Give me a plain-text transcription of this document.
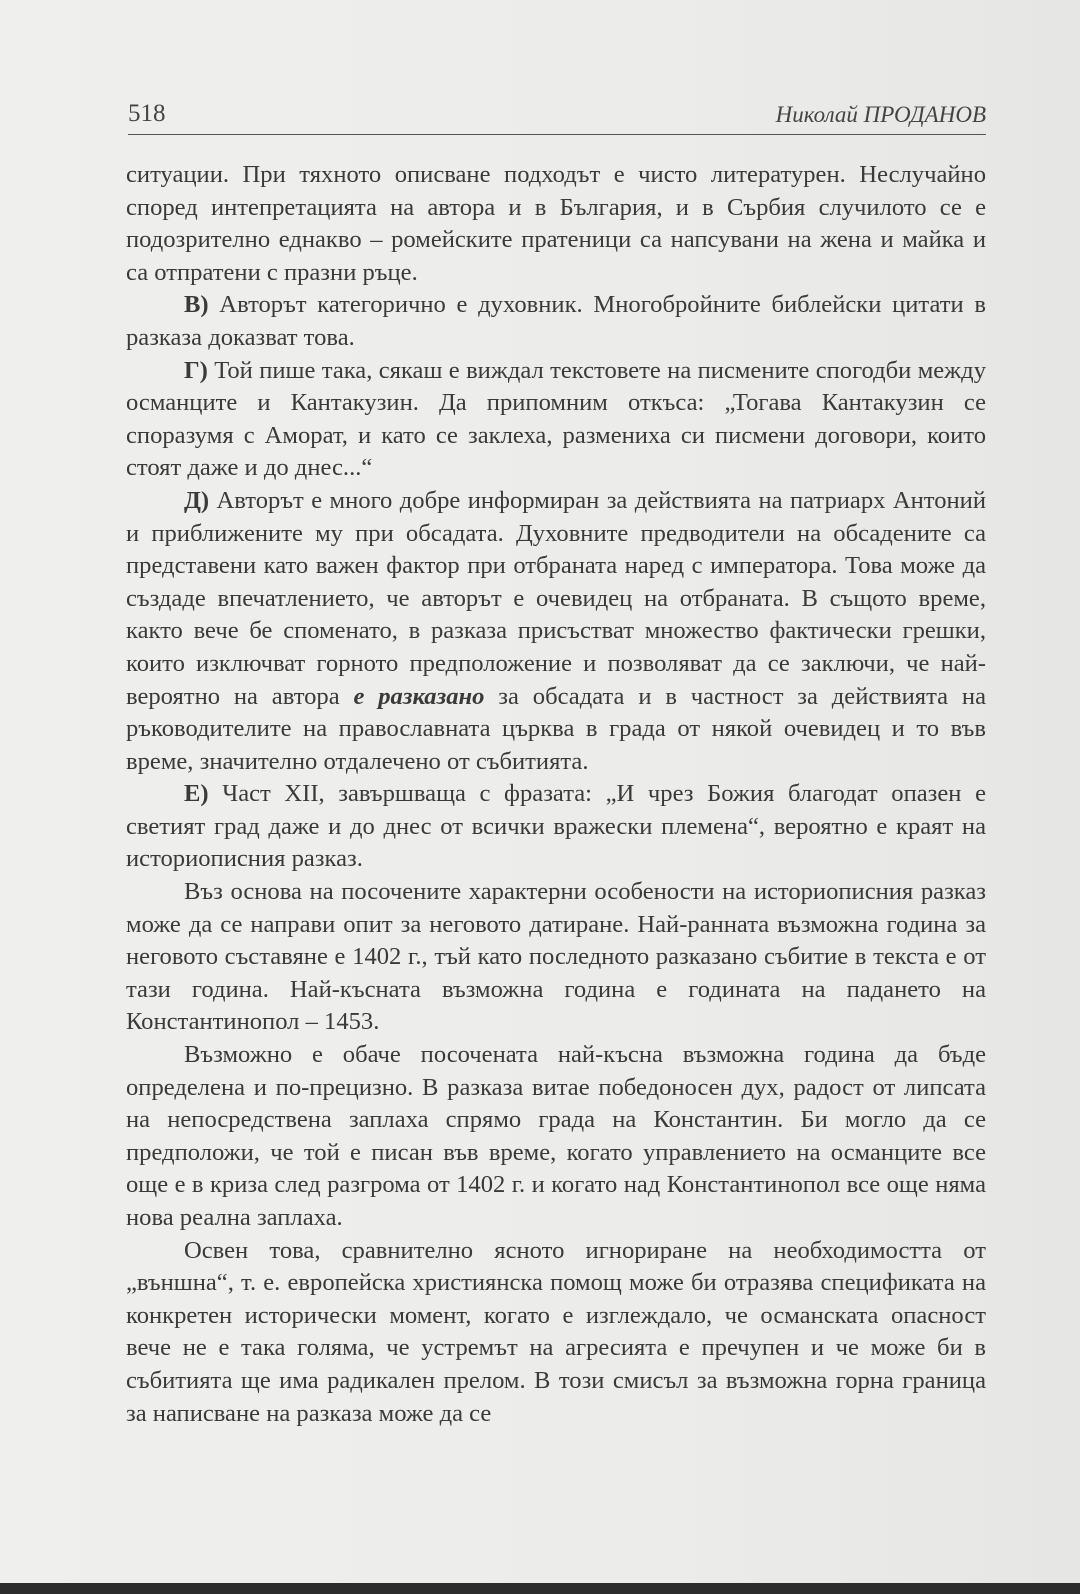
518	Николай ПРОДАНОВ

ситуации. При тяхното описване подходът е чисто литературен. Неслучайно според интепретацията на автора и в България, и в Сърбия случилото се е подозрително еднакво – ромейските пратеници са напсувани на жена и майка и са отпратени с празни ръце.

В) Авторът категорично е духовник. Многобройните библейски цитати в разказа доказват това.

Г) Той пише така, сякаш е виждал текстовете на писмените спогодби между османците и Кантакузин. Да припомним откъса: „Тогава Кантакузин се споразумя с Аморат, и като се заклеха, размениха си писмени договори, които стоят даже и до днес...“

Д) Авторът е много добре информиран за действията на патриарх Антоний и приближените му при обсадата. Духовните предводители на обсадените са представени като важен фактор при отбраната наред с императора. Това може да създаде впечатлението, че авторът е очевидец на отбраната. В същото време, както вече бе споменато, в разказа присъстват множество фактически грешки, които изключват горното предположение и позволяват да се заключи, че най-вероятно на автора е разказано за обсадата и в частност за действията на ръководителите на православната църква в града от някой очевидец и то във време, значително отдалечено от събитията.

Е) Част XII, завършваща с фразата: „И чрез Божия благодат опазен е светият град даже и до днес от всички вражески племена“, вероятно е краят на историописния разказ.

Въз основа на посочените характерни особености на историописния разказ може да се направи опит за неговото датиране. Най-ранната възможна година за неговото съставяне е 1402 г., тъй като последното разказано събитие в текста е от тази година. Най-късната възможна година е годината на падането на Константинопол – 1453.

Възможно е обаче посочената най-късна възможна година да бъде определена и по-прецизно. В разказа витае победоносен дух, радост от липсата на непосредствена заплаха спрямо града на Константин. Би могло да се предположи, че той е писан във време, когато управлението на османците все още е в криза след разгрома от 1402 г. и когато над Константинопол все още няма нова реална заплаха.

Освен това, сравнително ясното игнориране на необходимостта от „външна“, т. е. европейска християнска помощ може би отразява спецификата на конкретен исторически момент, когато е изглеждало, че османската опасност вече не е така голяма, че устремът на агресията е пречупен и че може би в събитията ще има радикален прелом. В този смисъл за възможна горна граница за написване на разказа може да се
